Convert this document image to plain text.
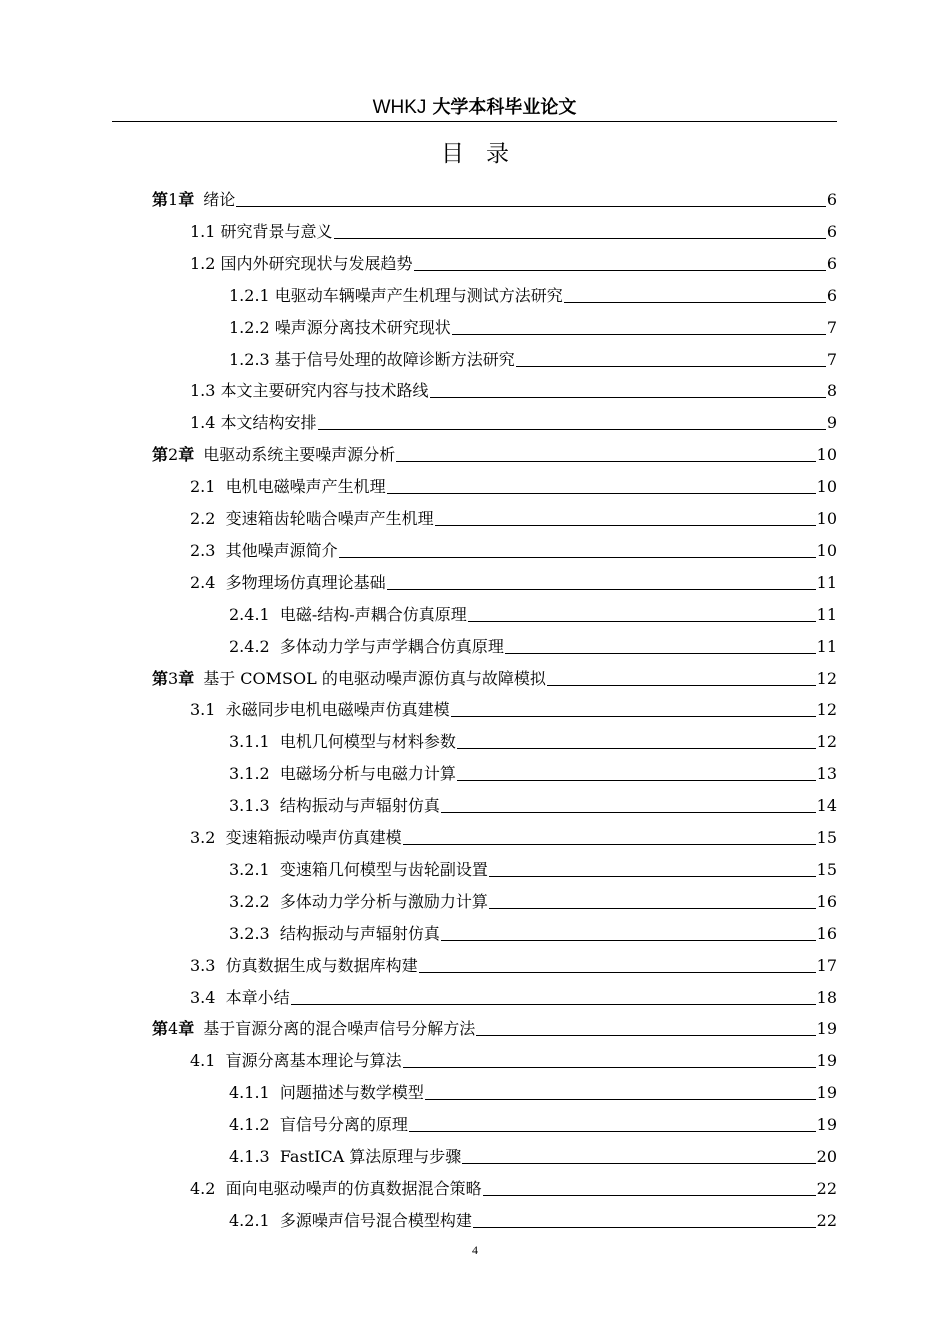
WHKJ 大学本科毕业论文
目录
第1章 绪论	6
1.1 研究背景与意义	6
1.2 国内外研究现状与发展趋势	6
1.2.1 电驱动车辆噪声产生机理与测试方法研究	6
1.2.2 噪声源分离技术研究现状	7
1.2.3 基于信号处理的故障诊断方法研究	7
1.3 本文主要研究内容与技术路线	8
1.4 本文结构安排	9
第2章 电驱动系统主要噪声源分析	10
2.1  电机电磁噪声产生机理	10
2.2  变速箱齿轮啮合噪声产生机理	10
2.3  其他噪声源简介	10
2.4  多物理场仿真理论基础	11
2.4.1  电磁-结构-声耦合仿真原理	11
2.4.2  多体动力学与声学耦合仿真原理	11
第3章 基于 COMSOL 的电驱动噪声源仿真与故障模拟	12
3.1  永磁同步电机电磁噪声仿真建模	12
3.1.1  电机几何模型与材料参数	12
3.1.2  电磁场分析与电磁力计算	13
3.1.3  结构振动与声辐射仿真	14
3.2  变速箱振动噪声仿真建模	15
3.2.1  变速箱几何模型与齿轮副设置	15
3.2.2  多体动力学分析与激励力计算	16
3.2.3  结构振动与声辐射仿真	16
3.3  仿真数据生成与数据库构建	17
3.4  本章小结	18
第4章 基于盲源分离的混合噪声信号分解方法	19
4.1  盲源分离基本理论与算法	19
4.1.1  问题描述与数学模型	19
4.1.2  盲信号分离的原理	19
4.1.3  FastICA 算法原理与步骤	20
4.2  面向电驱动噪声的仿真数据混合策略	22
4.2.1  多源噪声信号混合模型构建	22
4
